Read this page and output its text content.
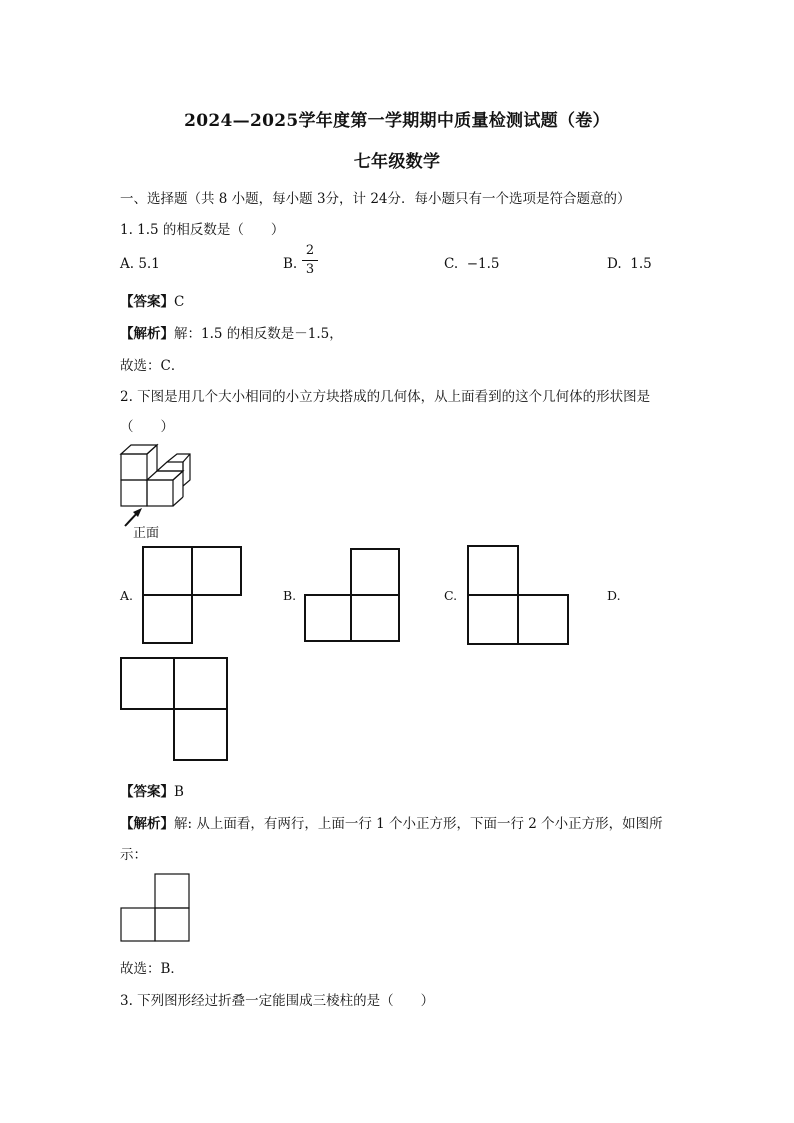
2024—2025学年度第一学期期中质量检测试题（卷）
七年级数学
一、选择题（共 8 小题，每小题 3分，计 24分．每小题只有一个选项是符合题意的）
1. 1.5 的相反数是（　　）
A. 5.1	B.
2
3	C. −1.5	D. 1.5
【答案】C
【解析】解：1.5 的相反数是－1.5，
故选：C．
2. 下图是用几个大小相同的小立方块搭成的几何体，从上面看到的这个几何体的形状图是
（　　）
正面
A.	B.	C.	D.
【答案】B
【解析】解: 从上面看，有两行，上面一行 1 个小正方形，下面一行 2 个小正方形，如图所
示：
故选：B．
3. 下列图形经过折叠一定能围成三棱柱的是（　　）
